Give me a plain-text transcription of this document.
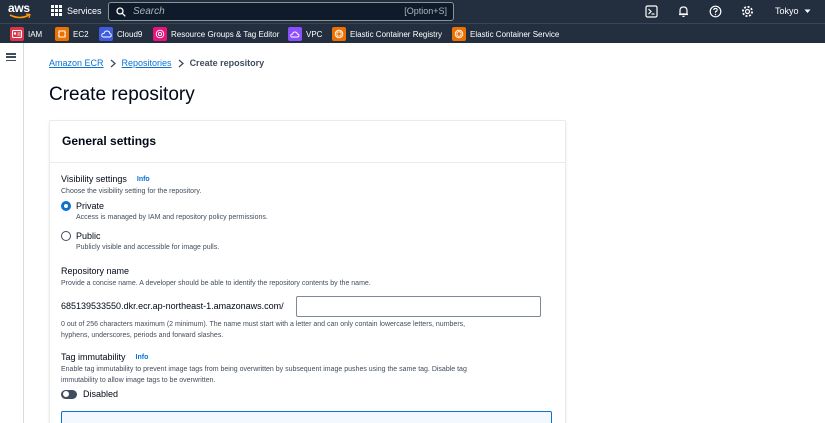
aws	Services
Search	[Option+S]	Tokyo
IAM	EC2	Cloud9	Resource Groups & Tag Editor	VPC	Elastic Container Registry	Elastic Container Service
Amazon ECR Repositories Create repository
Create repository
General settings
Visibility settings Info
Choose the visibility setting for the repository.
Private
Access is managed by IAM and repository policy permissions.
Public
Publicly visible and accessible for image pulls.
Repository name
Provide a concise name. A developer should be able to identify the repository contents by the name.
685139533550.dkr.ecr.ap-northeast-1.amazonaws.com/
0 out of 256 characters maximum (2 minimum). The name must start with a letter and can only contain lowercase letters, numbers,
hyphens, underscores, periods and forward slashes.
Tag immutability Info
Enable tag immutability to prevent image tags from being overwritten by subsequent image pushes using the same tag. Disable tag
immutability to allow image tags to be overwritten.
Disabled
